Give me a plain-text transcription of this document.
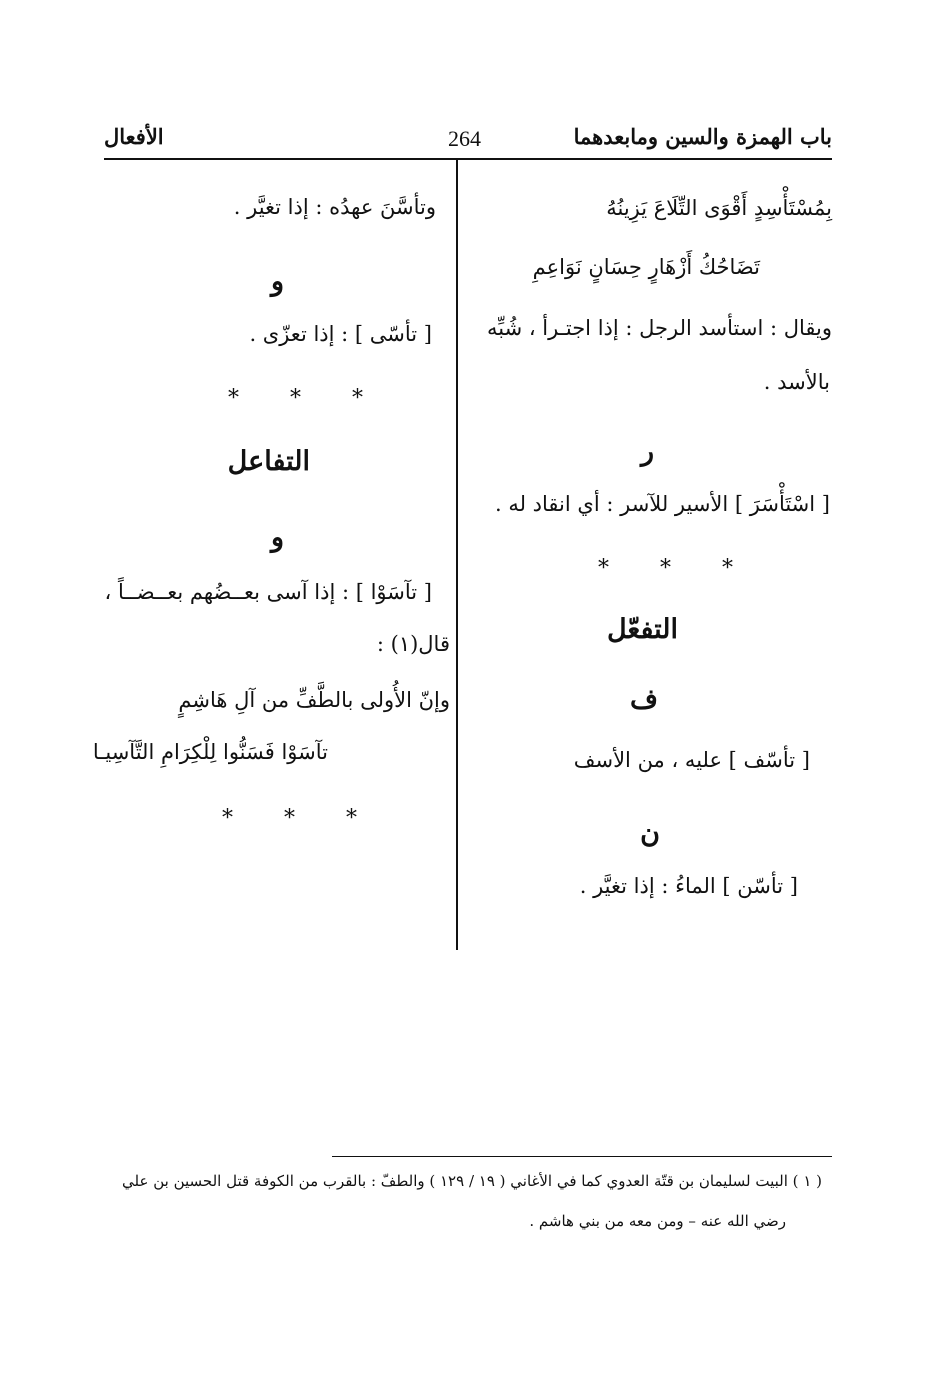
باب الهمزة والسين ومابعدهما
264
الأفعال
بِمُسْتَأْسِدٍ أَقْوَى التِّلَاعَ يَزِينُهُ
تَضَاحُكُ أَزْهَارٍ حِسَانٍ نَوَاعِمِ
ويقال : استأسد الرجل : إذا اجتـرأ ، شُبِّه
بالأسد .
ر
[ اسْتَأْسَرَ ] الأسير للآسر : أي انقاد له .
* * *
التفعّل
ف
[ تأسّف ] عليه ، من الأسف
ن
[ تأسّن ] الماءُ : إذا تغيَّر .
وتأسَّنَ عهدُه : إذا تغيَّر .
و
[ تأسّى ] : إذا تعزّى .
* * *
التفاعل
و
[ تآسَوْا ] : إذا آسى بعــضُهم بعــضــاً ،
قال(١) :
وإنّ الأُولى بالطَّفِّ من آلِ هَاشِمٍ
تآسَوْا فَسَنُّوا لِلْكِرَامِ التَّآسِيـا
* * *
( ١ ) البيت لسليمان بن قتّة العدوي كما في الأغاني ( ١٩ / ١٢٩ ) والطفّ : بالقرب من الكوفة قتل الحسين بن علي
رضي الله عنه – ومن معه من بني هاشم .
